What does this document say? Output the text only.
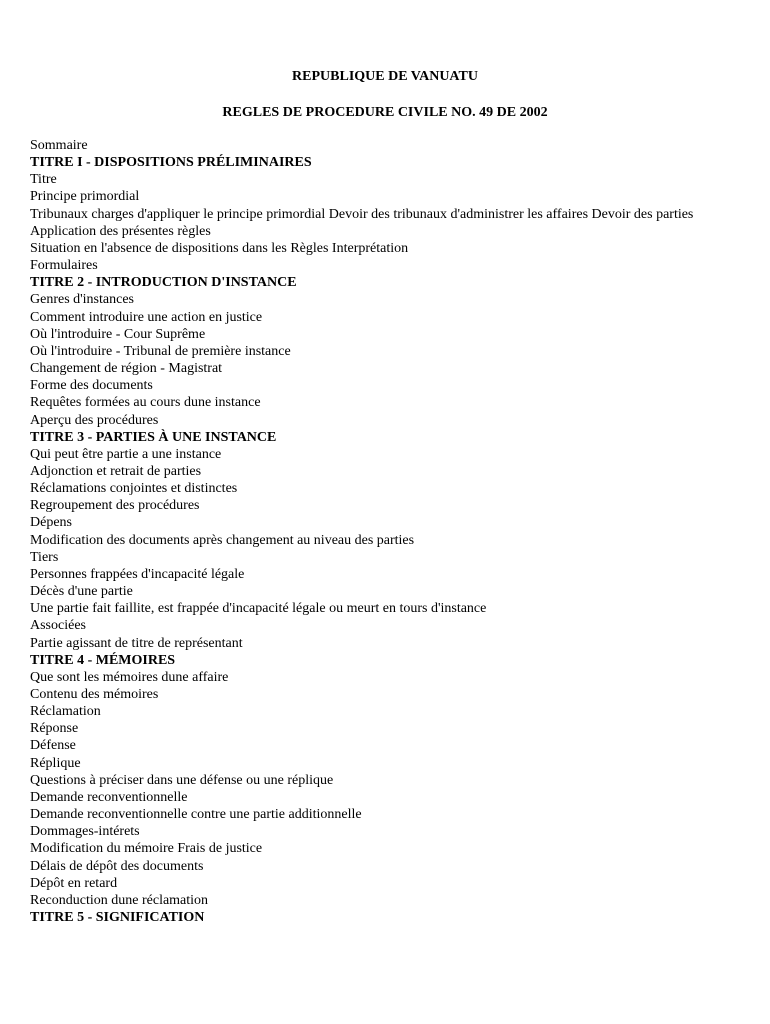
REPUBLIQUE DE VANUATU
REGLES DE PROCEDURE CIVILE NO. 49 DE 2002
Sommaire
TITRE I - DISPOSITIONS PRÉLIMINAIRES
Titre
Principe primordial
Tribunaux charges d'appliquer le principe primordial Devoir des tribunaux d'administrer les affaires Devoir des parties
Application des présentes règles
Situation en l'absence de dispositions dans les Règles Interprétation
Formulaires
TITRE 2 - INTRODUCTION D'INSTANCE
Genres d'instances
Comment introduire une action en justice
Où l'introduire - Cour Suprême
Où l'introduire - Tribunal de première instance
Changement de région - Magistrat
Forme des documents
Requêtes formées au cours dune instance
Aperçu des procédures
TITRE 3 - PARTIES À UNE INSTANCE
Qui peut être partie a une instance
Adjonction et retrait de parties
Réclamations conjointes et distinctes
Regroupement des procédures
Dépens
Modification des documents après changement au niveau des parties
Tiers
Personnes frappées d'incapacité légale
Décès d'une partie
Une partie fait faillite, est frappée d'incapacité légale ou meurt en tours d'instance
Associées
Partie agissant de titre de représentant
TITRE 4 - MÉMOIRES
Que sont les mémoires dune affaire
Contenu des mémoires
Réclamation
Réponse
Défense
Réplique
Questions à préciser dans une défense ou une réplique
Demande reconventionnelle
Demande reconventionnelle contre une partie additionnelle
Dommages-intérets
Modification du mémoire Frais de justice
Délais de dépôt des documents
Dépôt en retard
Reconduction dune réclamation
TITRE 5 - SIGNIFICATION
